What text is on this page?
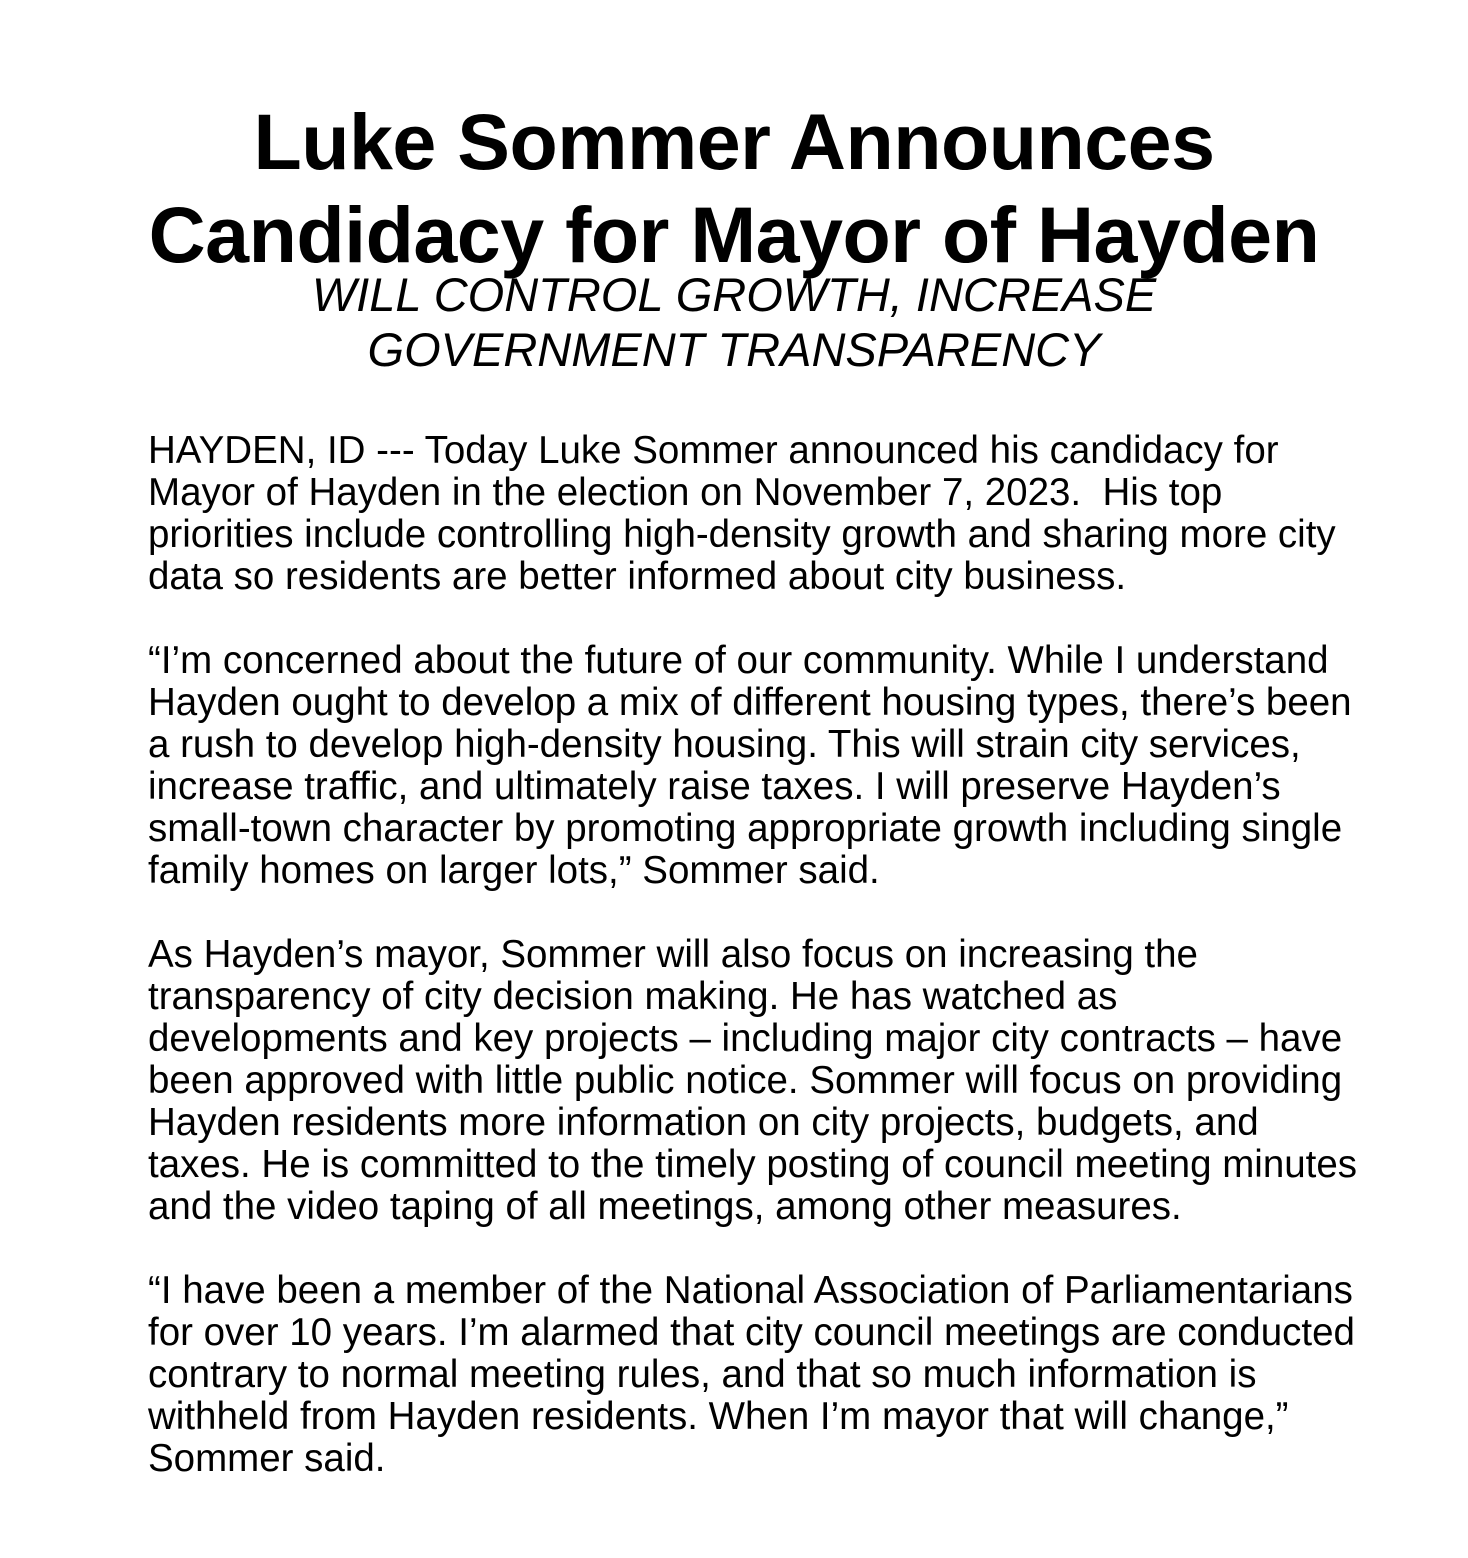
Luke Sommer Announces
Candidacy for Mayor of Hayden
WILL CONTROL GROWTH, INCREASE
GOVERNMENT TRANSPARENCY

HAYDEN, ID --- Today Luke Sommer announced his candidacy for Mayor of Hayden in the election on November 7, 2023.  His top priorities include controlling high-density growth and sharing more city data so residents are better informed about city business.

“I’m concerned about the future of our community. While I understand Hayden ought to develop a mix of different housing types, there’s been a rush to develop high-density housing. This will strain city services, increase traffic, and ultimately raise taxes. I will preserve Hayden’s small-town character by promoting appropriate growth including single family homes on larger lots,” Sommer said.

As Hayden’s mayor, Sommer will also focus on increasing the transparency of city decision making. He has watched as developments and key projects – including major city contracts – have been approved with little public notice. Sommer will focus on providing Hayden residents more information on city projects, budgets, and taxes. He is committed to the timely posting of council meeting minutes and the video taping of all meetings, among other measures.

“I have been a member of the National Association of Parliamentarians for over 10 years. I’m alarmed that city council meetings are conducted contrary to normal meeting rules, and that so much information is withheld from Hayden residents. When I’m mayor that will change,” Sommer said.
